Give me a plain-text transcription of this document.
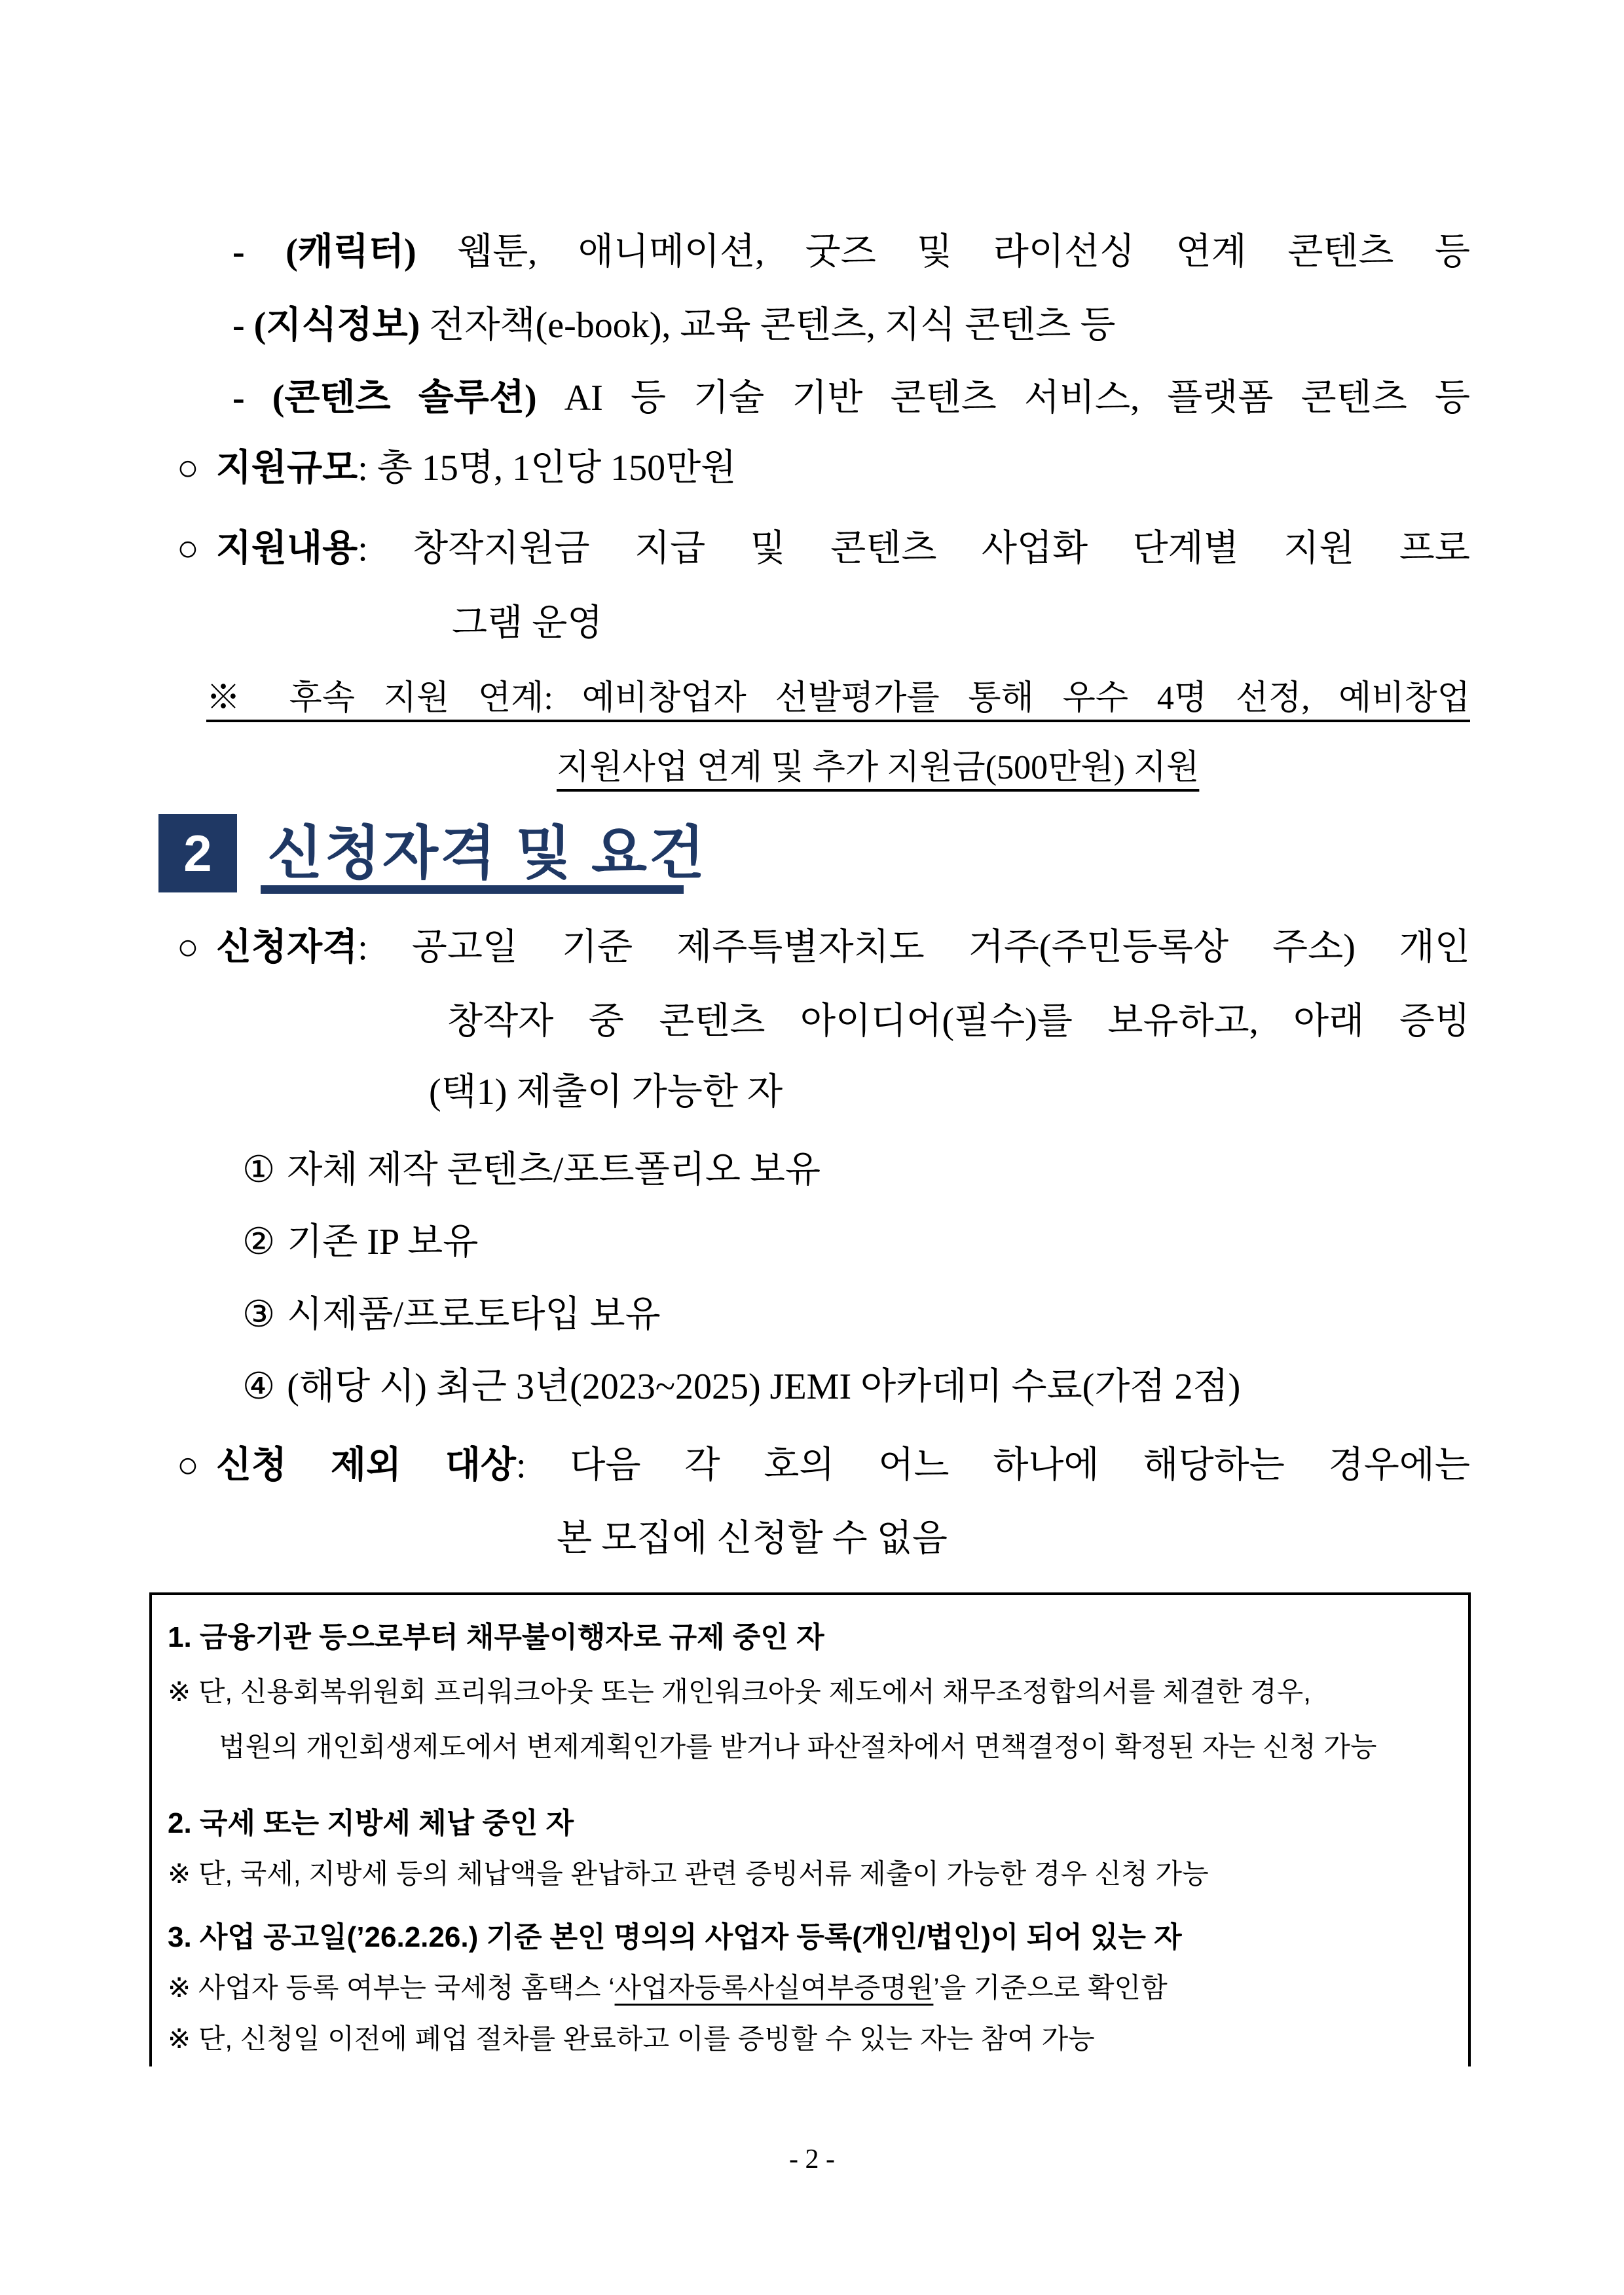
- (캐릭터) 웹툰, 애니메이션, 굿즈 및 라이선싱 연계 콘텐츠 등
- (지식정보) 전자책(e-book), 교육 콘텐츠, 지식 콘텐츠 등
- (콘텐츠 솔루션) AI 등 기술 기반 콘텐츠 서비스, 플랫폼 콘텐츠 등
○ 지원규모: 총 15명, 1인당 150만원
○ 지원내용: 창작지원금 지급 및 콘텐츠 사업화 단계별 지원 프로
그램 운영
※ 후속 지원 연계: 예비창업자 선발평가를 통해 우수 4명 선정, 예비창업
지원사업 연계 및 추가 지원금(500만원) 지원
2 신청자격 및 요건
○ 신청자격: 공고일 기준 제주특별자치도 거주(주민등록상 주소) 개인
창작자 중 콘텐츠 아이디어(필수)를 보유하고, 아래 증빙
(택1) 제출이 가능한 자
① 자체 제작 콘텐츠/포트폴리오 보유
② 기존 IP 보유
③ 시제품/프로토타입 보유
④ (해당 시) 최근 3년(2023~2025) JEMI 아카데미 수료(가점 2점)
○ 신청 제외 대상: 다음 각 호의 어느 하나에 해당하는 경우에는
본 모집에 신청할 수 없음
1. 금융기관 등으로부터 채무불이행자로 규제 중인 자
※ 단, 신용회복위원회 프리워크아웃 또는 개인워크아웃 제도에서 채무조정합의서를 체결한 경우,
법원의 개인회생제도에서 변제계획인가를 받거나 파산절차에서 면책결정이 확정된 자는 신청 가능
2. 국세 또는 지방세 체납 중인 자
※ 단, 국세, 지방세 등의 체납액을 완납하고 관련 증빙서류 제출이 가능한 경우 신청 가능
3. 사업 공고일(’26.2.26.) 기준 본인 명의의 사업자 등록(개인/법인)이 되어 있는 자
※ 사업자 등록 여부는 국세청 홈택스 ‘사업자등록사실여부증명원’을 기준으로 확인함
※ 단, 신청일 이전에 폐업 절차를 완료하고 이를 증빙할 수 있는 자는 참여 가능
- 2 -
